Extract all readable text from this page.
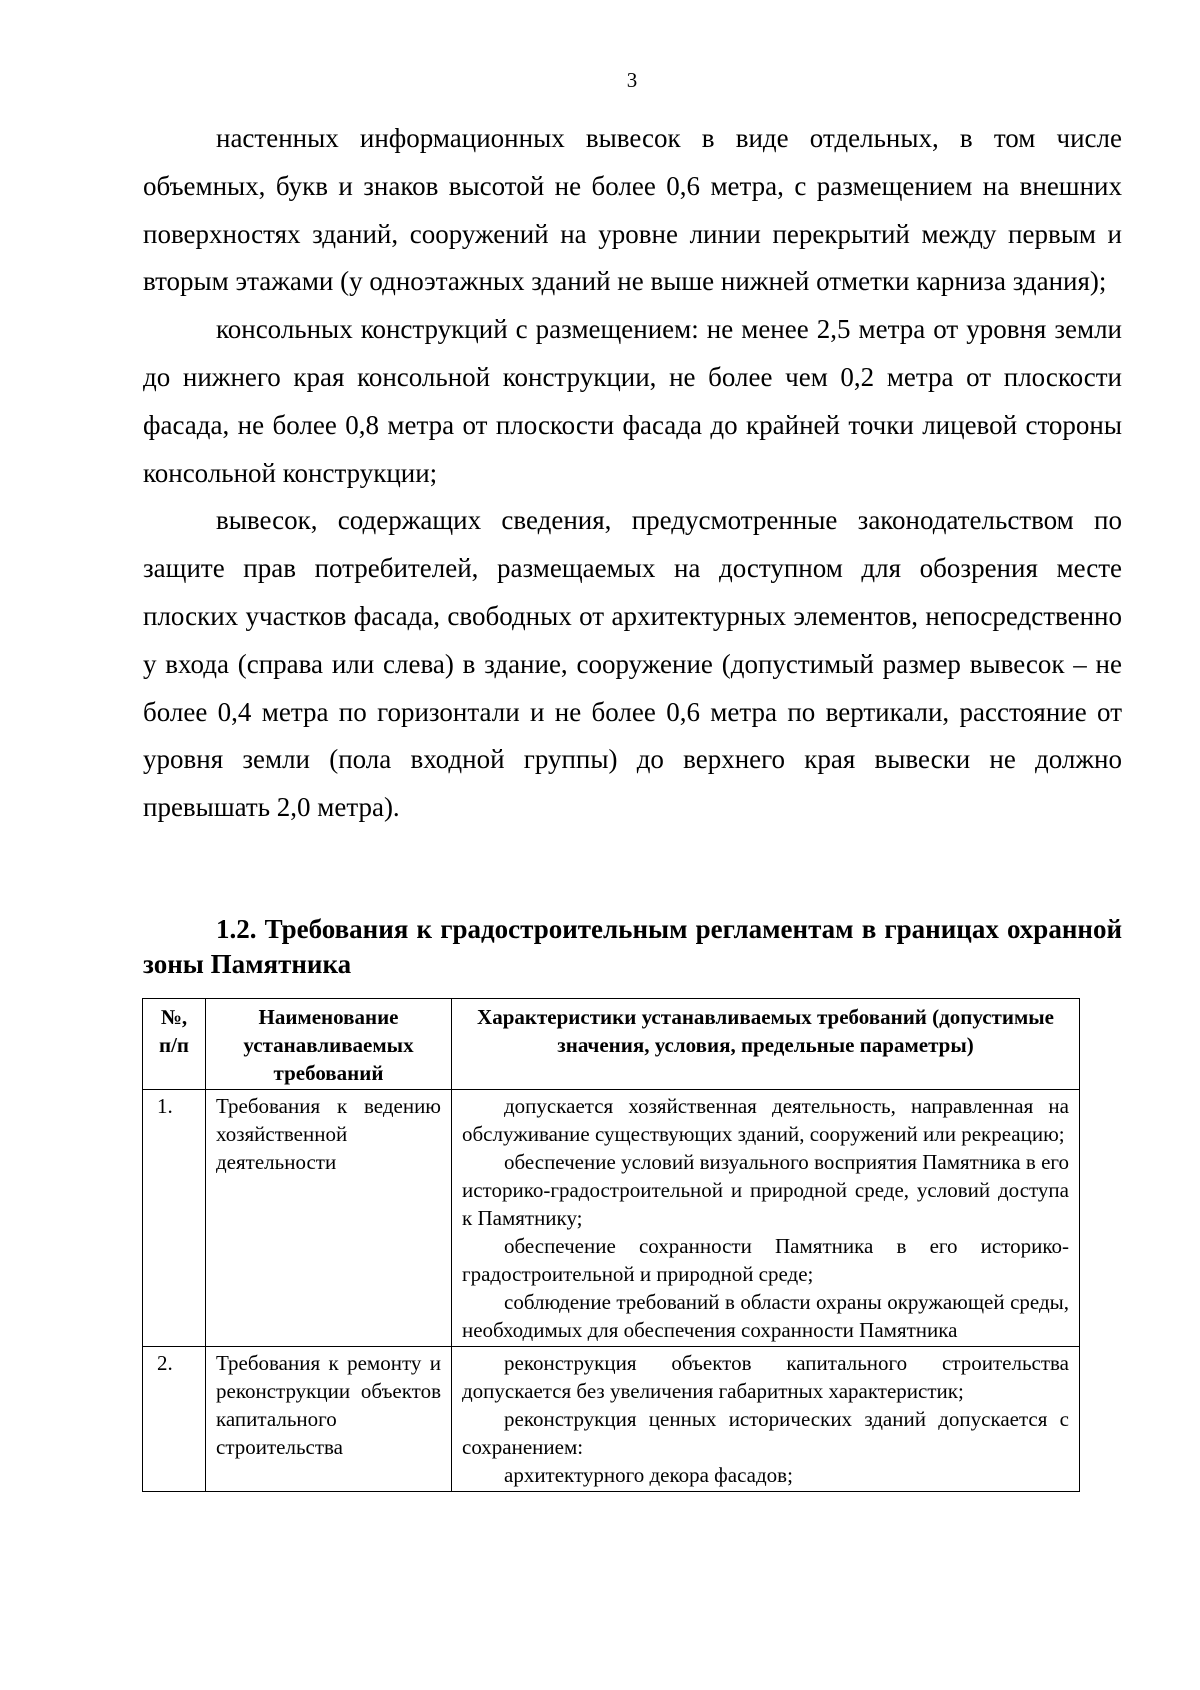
3

настенных информационных вывесок в виде отдельных, в том числе объемных, букв и знаков высотой не более 0,6 метра, с размещением на внешних поверхностях зданий, сооружений на уровне линии перекрытий между первым и вторым этажами (у одноэтажных зданий не выше нижней отметки карниза здания);

консольных конструкций с размещением: не менее 2,5 метра от уровня земли до нижнего края консольной конструкции, не более чем 0,2 метра от плоскости фасада, не более 0,8 метра от плоскости фасада до крайней точки лицевой стороны консольной конструкции;

вывесок, содержащих сведения, предусмотренные законодательством по защите прав потребителей, размещаемых на доступном для обозрения месте плоских участков фасада, свободных от архитектурных элементов, непосредственно у входа (справа или слева) в здание, сооружение (допустимый размер вывесок – не более 0,4 метра по горизонтали и не более 0,6 метра по вертикали, расстояние от уровня земли (пола входной группы) до верхнего края вывески не должно превышать 2,0 метра).

1.2. Требования к градостроительным регламентам в границах охранной зоны Памятника
№, п/п	Наименование устанавливаемых требований	Характеристики устанавливаемых требований (допустимые значения, условия, предельные параметры)
1.	Требования к ведению хозяйственной деятельности	допускается хозяйственная деятельность, направленная на обслуживание существующих зданий, сооружений или рекреацию;

обеспечение условий визуального восприятия Памятника в его историко-градостроительной и природной среде, условий доступа к Памятнику;

обеспечение сохранности Памятника в его историко-градостроительной и природной среде;

соблюдение требований в области охраны окружающей среды, необходимых для обеспечения сохранности Памятника

2.	Требования к ремонту и реконструкции объектов капитального строительства	реконструкция объектов капитального строительства допускается без увеличения габаритных характеристик;

реконструкция ценных исторических зданий допускается с сохранением:

архитектурного декора фасадов;
